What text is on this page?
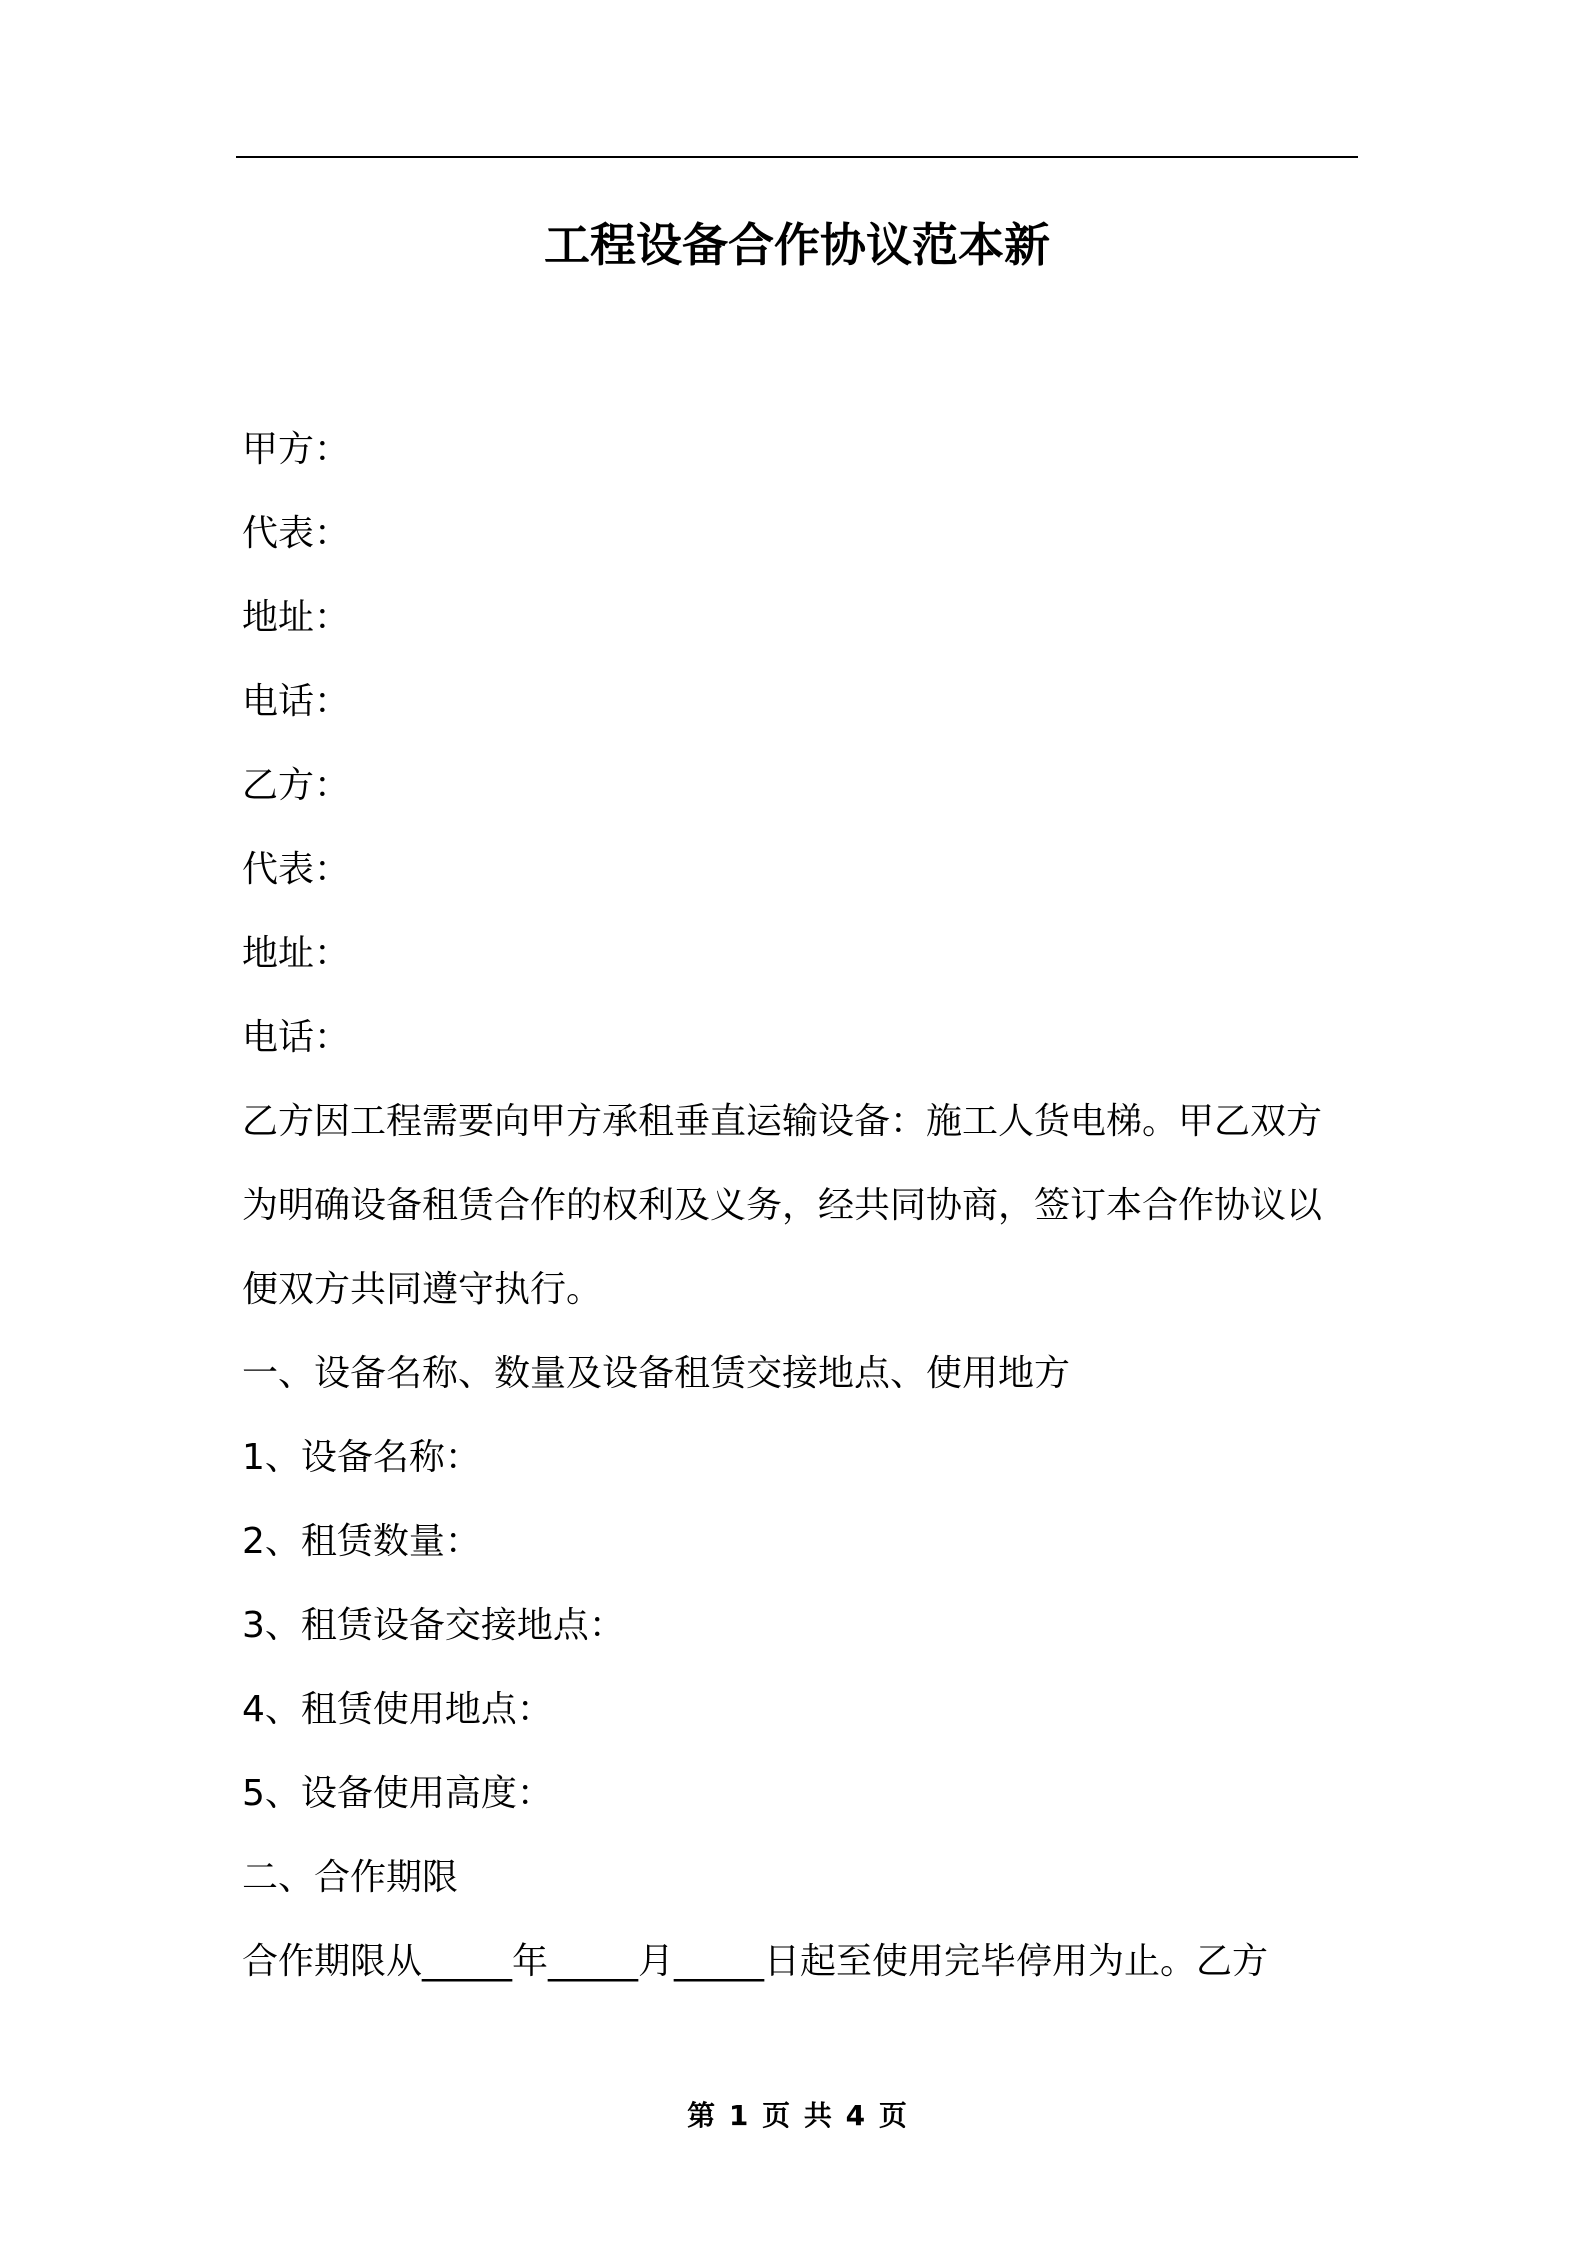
工程设备合作协议范本新

甲方：

代表：

地址：

电话：

乙方：

代表：

地址：

电话：

乙方因工程需要向甲方承租垂直运输设备：施工人货电梯。甲乙双方

为明确设备租赁合作的权利及义务，经共同协商，签订本合作协议以

便双方共同遵守执行。

一、设备名称、数量及设备租赁交接地点、使用地方

1、设备名称：

2、租赁数量：

3、租赁设备交接地点：

4、租赁使用地点：

5、设备使用高度：

二、合作期限

合作期限从_____年_____月_____日起至使用完毕停用为止。乙方

第 1 页 共 4 页
